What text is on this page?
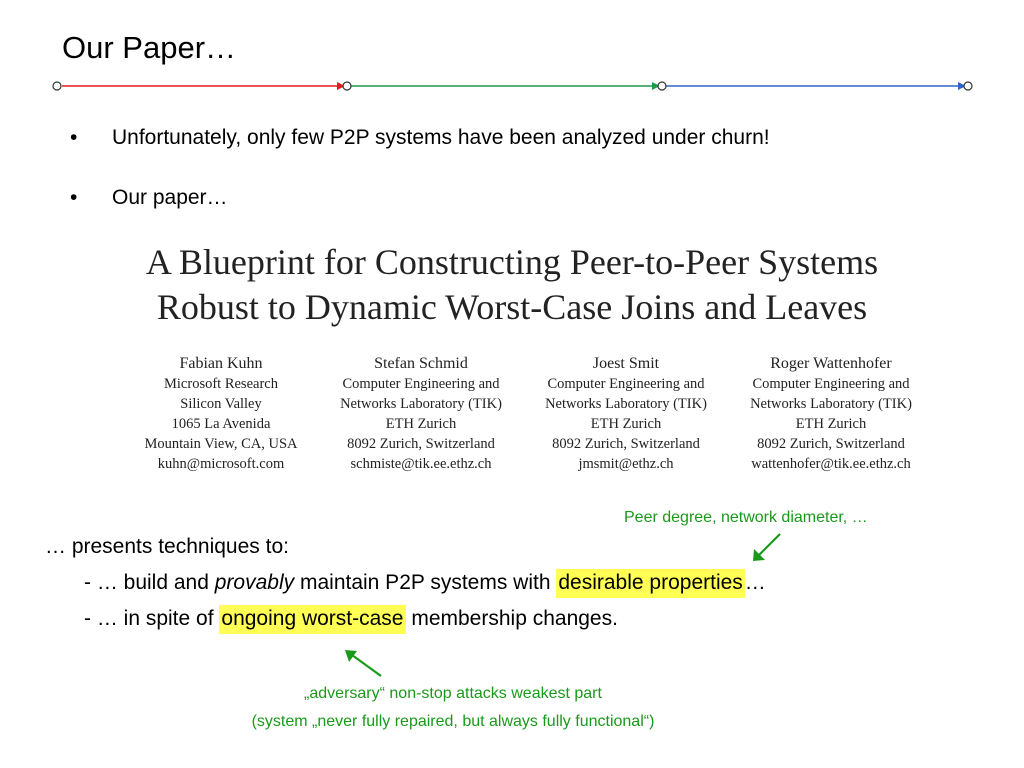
Our Paper…
• Unfortunately, only few P2P systems have been analyzed under churn!
• Our paper…
A Blueprint for Constructing Peer-to-Peer Systems
Robust to Dynamic Worst-Case Joins and Leaves
Fabian Kuhn
Microsoft Research
Silicon Valley
1065 La Avenida
Mountain View, CA, USA
kuhn@microsoft.com
Stefan Schmid
Computer Engineering and
Networks Laboratory (TIK)
ETH Zurich
8092 Zurich, Switzerland
schmiste@tik.ee.ethz.ch
Joest Smit
Computer Engineering and
Networks Laboratory (TIK)
ETH Zurich
8092 Zurich, Switzerland
jmsmit@ethz.ch
Roger Wattenhofer
Computer Engineering and
Networks Laboratory (TIK)
ETH Zurich
8092 Zurich, Switzerland
wattenhofer@tik.ee.ethz.ch
Peer degree, network diameter, …
… presents techniques to:
- … build and provably maintain P2P systems with desirable properties…
- … in spite of ongoing worst-case membership changes.
„adversary“ non-stop attacks weakest part
(system „never fully repaired, but always fully functional“)
